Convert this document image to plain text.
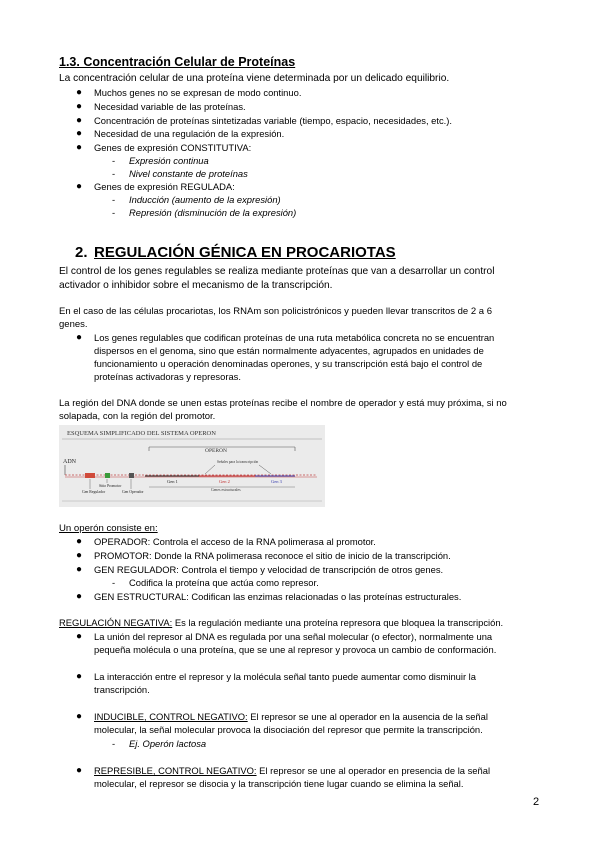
1.3. Concentración Celular de Proteínas
La concentración celular de una proteína viene determinada por un delicado equilibrio.
● Muchos genes no se expresan de modo continuo.
● Necesidad variable de las proteínas.
● Concentración de proteínas sintetizadas variable (tiempo, espacio, necesidades, etc.).
● Necesidad de una regulación de la expresión.
● Genes de expresión CONSTITUTIVA:
- Expresión continua
- Nivel constante de proteínas
● Genes de expresión REGULADA:
- Inducción (aumento de la expresión)
- Represión (disminución de la expresión)
2. REGULACIÓN GÉNICA EN PROCARIOTAS
El control de los genes regulables se realiza mediante proteínas que van a desarrollar un control
activador o inhibidor sobre el mecanismo de la transcripción.
En el caso de las células procariotas, los RNAm son policistrónicos y pueden llevar transcritos de 2 a 6
genes.
● Los genes regulables que codifican proteínas de una ruta metabólica concreta no se encuentran
dispersos en el genoma, sino que están normalmente adyacentes, agrupados en unidades de
funcionamiento u operación denominadas operones, y su transcripción está bajo el control de
proteínas activadoras y represoras.
La región del DNA donde se unen estas proteínas recibe el nombre de operador y está muy próxima, si no
solapada, con la región del promotor.
ESQUEMA SIMPLIFICADO DEL SISTEMA OPERON
OPERON
ADN
Gen 1	Gen 2	Gen 3
Señales para la transcripción
Gen Regulador
Sitio Promotor
Gen Operador	Genes estructurales
Un operón consiste en:
● OPERADOR: Controla el acceso de la RNA polimerasa al promotor.
● PROMOTOR: Donde la RNA polimerasa reconoce el sitio de inicio de la transcripción.
● GEN REGULADOR: Controla el tiempo y velocidad de transcripción de otros genes.
- Codifica la proteína que actúa como represor.
● GEN ESTRUCTURAL: Codifican las enzimas relacionadas o las proteínas estructurales.
REGULACIÓN NEGATIVA: Es la regulación mediante una proteína represora que bloquea la transcripción.
● La unión del represor al DNA es regulada por una señal molecular (o efector), normalmente una
pequeña molécula o una proteína, que se une al represor y provoca un cambio de conformación.
● La interacción entre el represor y la molécula señal tanto puede aumentar como disminuir la
transcripción.
● INDUCIBLE, CONTROL NEGATIVO: El represor se une al operador en la ausencia de la señal
molecular, la señal molecular provoca la disociación del represor que permite la transcripción.
- Ej. Operón lactosa
● REPRESIBLE, CONTROL NEGATIVO: El represor se une al operador en presencia de la señal
molecular, el represor se disocia y la transcripción tiene lugar cuando se elimina la señal.
2
